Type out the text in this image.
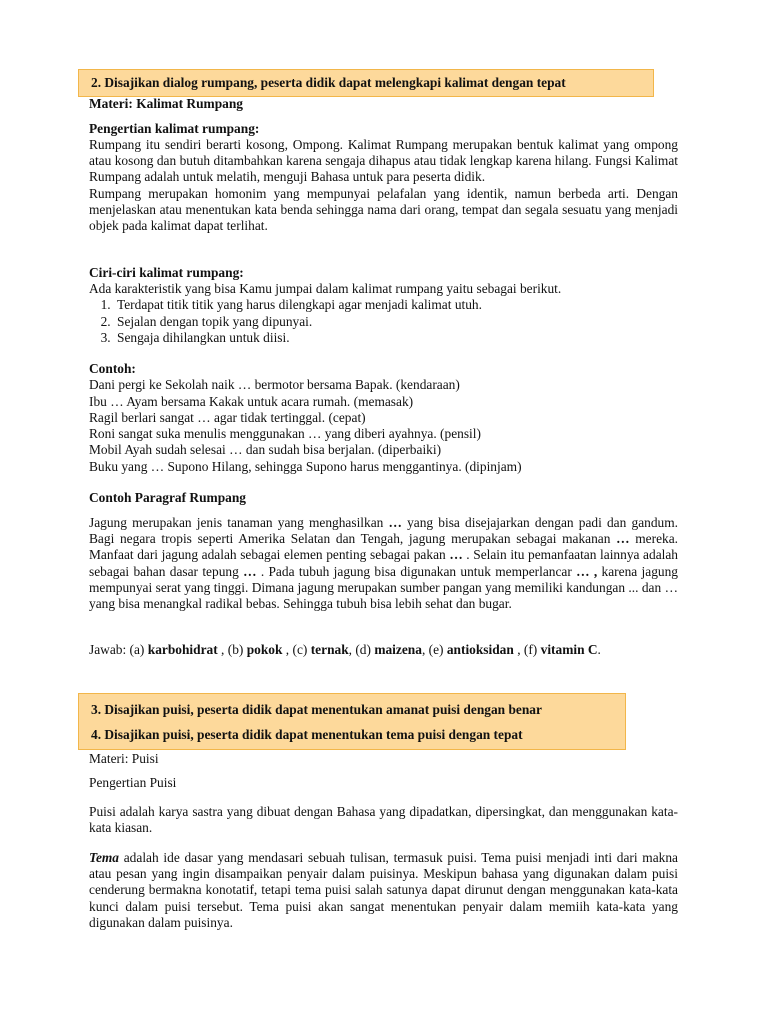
2. Disajikan dialog rumpang, peserta didik dapat melengkapi kalimat dengan tepat
Materi: Kalimat Rumpang
Pengertian kalimat rumpang:

Rumpang itu sendiri berarti kosong, Ompong. Kalimat Rumpang merupakan bentuk kalimat yang ompong atau kosong dan butuh ditambahkan karena sengaja dihapus atau tidak lengkap karena hilang. Fungsi Kalimat Rumpang adalah untuk melatih, menguji Bahasa untuk para peserta didik.

Rumpang merupakan homonim yang mempunyai pelafalan yang identik, namun berbeda arti. Dengan menjelaskan atau menentukan kata benda sehingga nama dari orang, tempat dan segala sesuatu yang menjadi objek pada kalimat dapat terlihat.

Ciri-ciri kalimat rumpang:
Ada karakteristik yang bisa Kamu jumpai dalam kalimat rumpang yaitu sebagai berikut.
1. Terdapat titik titik yang harus dilengkapi agar menjadi kalimat utuh.
2. Sejalan dengan topik yang dipunyai.
3. Sengaja dihilangkan untuk diisi.
Contoh:
Dani pergi ke Sekolah naik … bermotor bersama Bapak. (kendaraan)
Ibu … Ayam bersama Kakak untuk acara rumah. (memasak)
Ragil berlari sangat … agar tidak tertinggal. (cepat)
Roni sangat suka menulis menggunakan … yang diberi ayahnya. (pensil)
Mobil Ayah sudah selesai … dan sudah bisa berjalan. (diperbaiki)
Buku yang … Supono Hilang, sehingga Supono harus menggantinya. (dipinjam)
Contoh Paragraf Rumpang

Jagung merupakan jenis tanaman yang menghasilkan … yang bisa disejajarkan dengan padi dan gandum. Bagi negara tropis seperti Amerika Selatan dan Tengah, jagung merupakan sebagai makanan … mereka. Manfaat dari jagung adalah sebagai elemen penting sebagai pakan … . Selain itu pemanfaatan lainnya adalah sebagai bahan dasar tepung … . Pada tubuh jagung bisa digunakan untuk memperlancar … , karena jagung mempunyai serat yang tinggi. Dimana jagung merupakan sumber pangan yang memiliki kandungan ... dan … yang bisa menangkal radikal bebas. Sehingga tubuh bisa lebih sehat dan bugar.

Jawab: (a) karbohidrat , (b) pokok , (c) ternak, (d) maizena, (e) antioksidan , (f) vitamin C.
3. Disajikan puisi, peserta didik dapat menentukan amanat puisi dengan benar
4. Disajikan puisi, peserta didik dapat menentukan tema puisi dengan tepat
Materi: Puisi
Pengertian Puisi

Puisi adalah karya sastra yang dibuat dengan Bahasa yang dipadatkan, dipersingkat, dan menggunakan kata-kata kiasan.

Tema adalah ide dasar yang mendasari sebuah tulisan, termasuk puisi. Tema puisi menjadi inti dari makna atau pesan yang ingin disampaikan penyair dalam puisinya. Meskipun bahasa yang digunakan dalam puisi cenderung bermakna konotatif, tetapi tema puisi salah satunya dapat dirunut dengan menggunakan kata-kata kunci dalam puisi tersebut. Tema puisi akan sangat menentukan penyair dalam memiih kata-kata yang digunakan dalam puisinya.
